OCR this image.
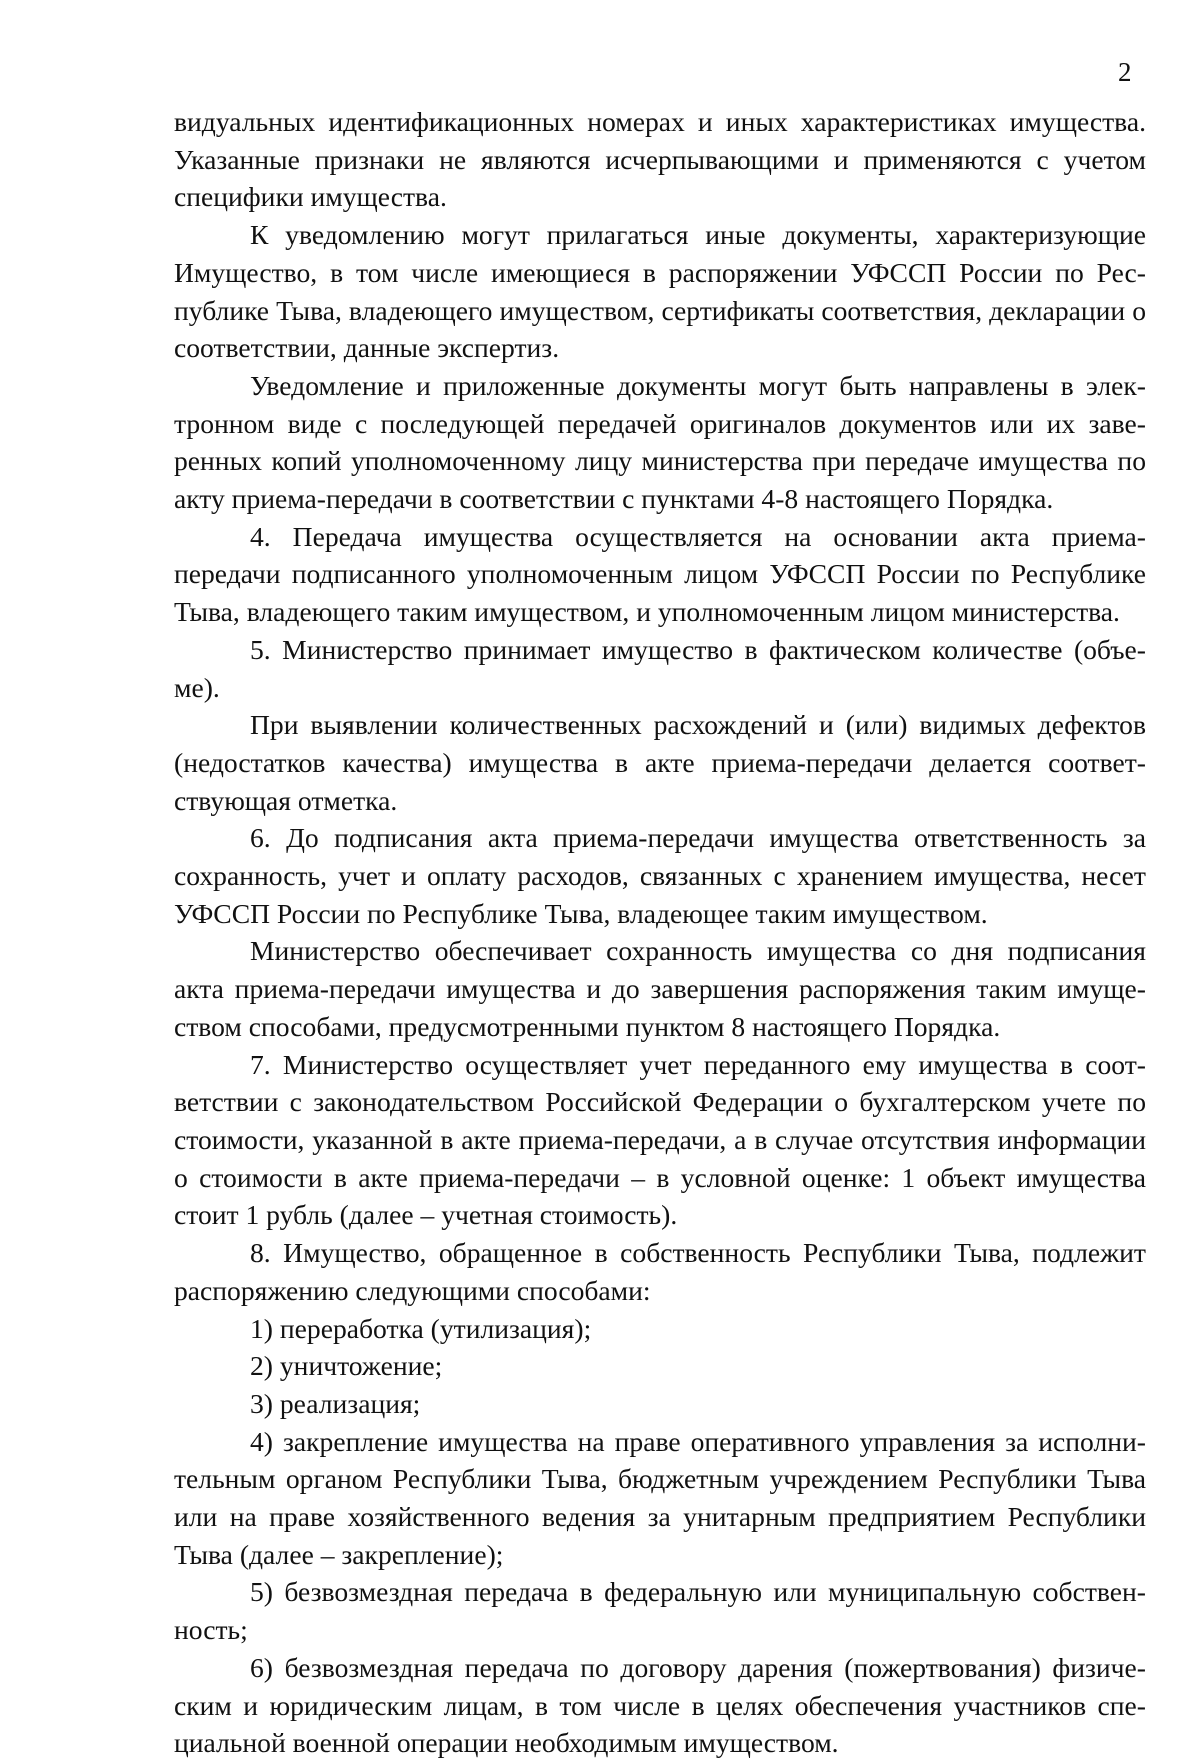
2

видуальных идентификационных номерах и иных характеристиках имущества. Указанные признаки не являются исчерпывающими и применяются с учетом специфики имущества.

К уведомлению могут прилагаться иные документы, характеризующие Имущество, в том числе имеющиеся в распоряжении УФССП России по Республике Тыва, владеющего имуществом, сертификаты соответствия, декларации о соответствии, данные экспертиз.

Уведомление и приложенные документы могут быть направлены в электронном виде с последующей передачей оригиналов документов или их заверенных копий уполномоченному лицу министерства при передаче имущества по акту приема-передачи в соответствии с пунктами 4-8 настоящего Порядка.

4. Передача имущества осуществляется на основании акта приема-передачи подписанного уполномоченным лицом УФССП России по Республике Тыва, владеющего таким имуществом, и уполномоченным лицом министерства.

5. Министерство принимает имущество в фактическом количестве (объеме).

При выявлении количественных расхождений и (или) видимых дефектов (недостатков качества) имущества в акте приема-передачи делается соответствующая отметка.

6. До подписания акта приема-передачи имущества ответственность за сохранность, учет и оплату расходов, связанных с хранением имущества, несет УФССП России по Республике Тыва, владеющее таким имуществом.

Министерство обеспечивает сохранность имущества со дня подписания акта приема-передачи имущества и до завершения распоряжения таким имуществом способами, предусмотренными пунктом 8 настоящего Порядка.

7. Министерство осуществляет учет переданного ему имущества в соответствии с законодательством Российской Федерации о бухгалтерском учете по стоимости, указанной в акте приема-передачи, а в случае отсутствия информации о стоимости в акте приема-передачи – в условной оценке: 1 объект имущества стоит 1 рубль (далее – учетная стоимость).

8. Имущество, обращенное в собственность Республики Тыва, подлежит распоряжению следующими способами:

1) переработка (утилизация);

2) уничтожение;

3) реализация;

4) закрепление имущества на праве оперативного управления за исполнительным органом Республики Тыва, бюджетным учреждением Республики Тыва или на праве хозяйственного ведения за унитарным предприятием Республики Тыва (далее – закрепление);

5) безвозмездная передача в федеральную или муниципальную собственность;

6) безвозмездная передача по договору дарения (пожертвования) физическим и юридическим лицам, в том числе в целях обеспечения участников специальной военной операции необходимым имуществом.
